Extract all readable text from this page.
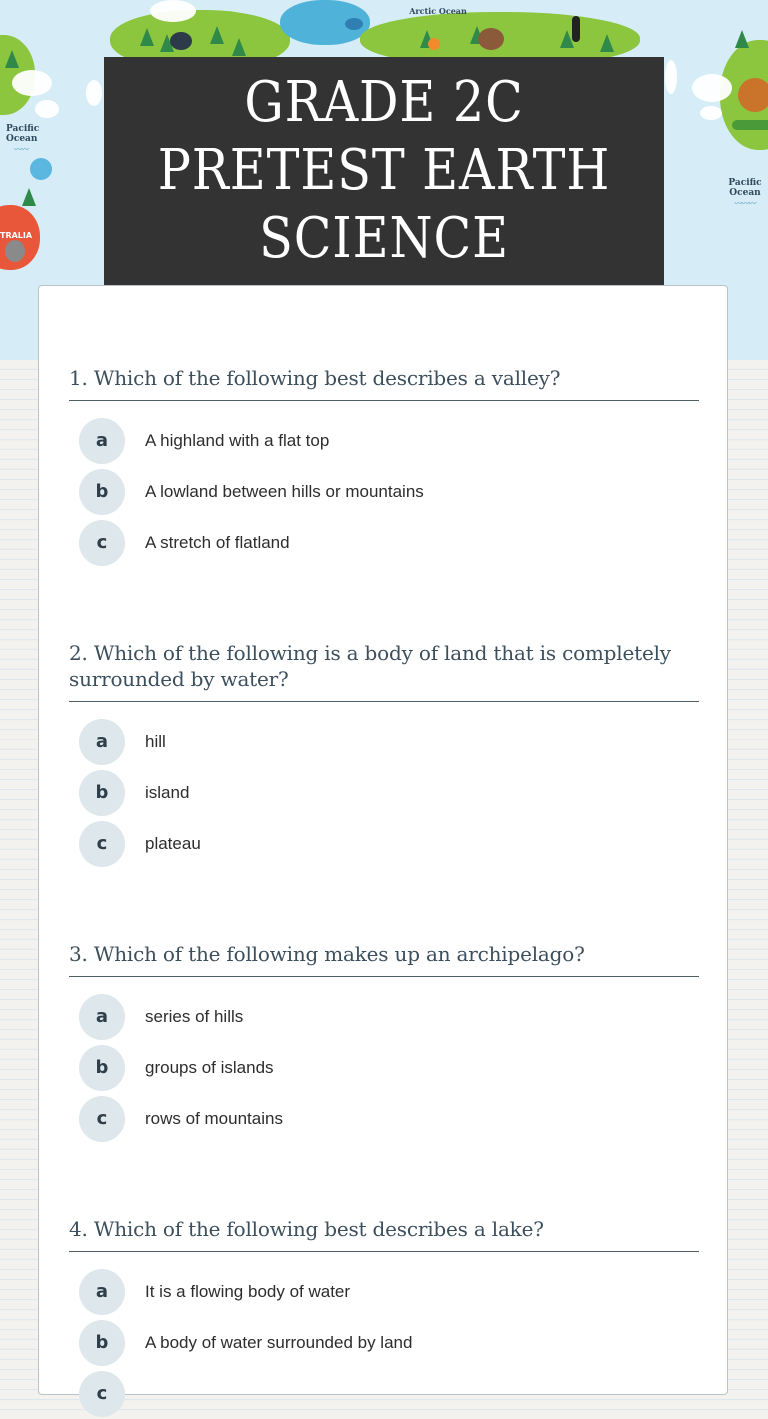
Pacific Ocean
〰〰
Pacific Ocean
〰〰〰
Arctic Ocean
TRALIA
GRADE 2C PRETEST EARTH SCIENCE

1. Which of the following best describes a valley?

a	A highland with a flat top
b	A lowland between hills or mountains
c	A stretch of flatland

2. Which of the following is a body of land that is completely surrounded by water?

a	hill
b	island
c	plateau

3. Which of the following makes up an archipelago?

a	series of hills
b	groups of islands
c	rows of mountains

4. Which of the following best describes a lake?

a	It is a flowing body of water
b	A body of water surrounded by land
c
